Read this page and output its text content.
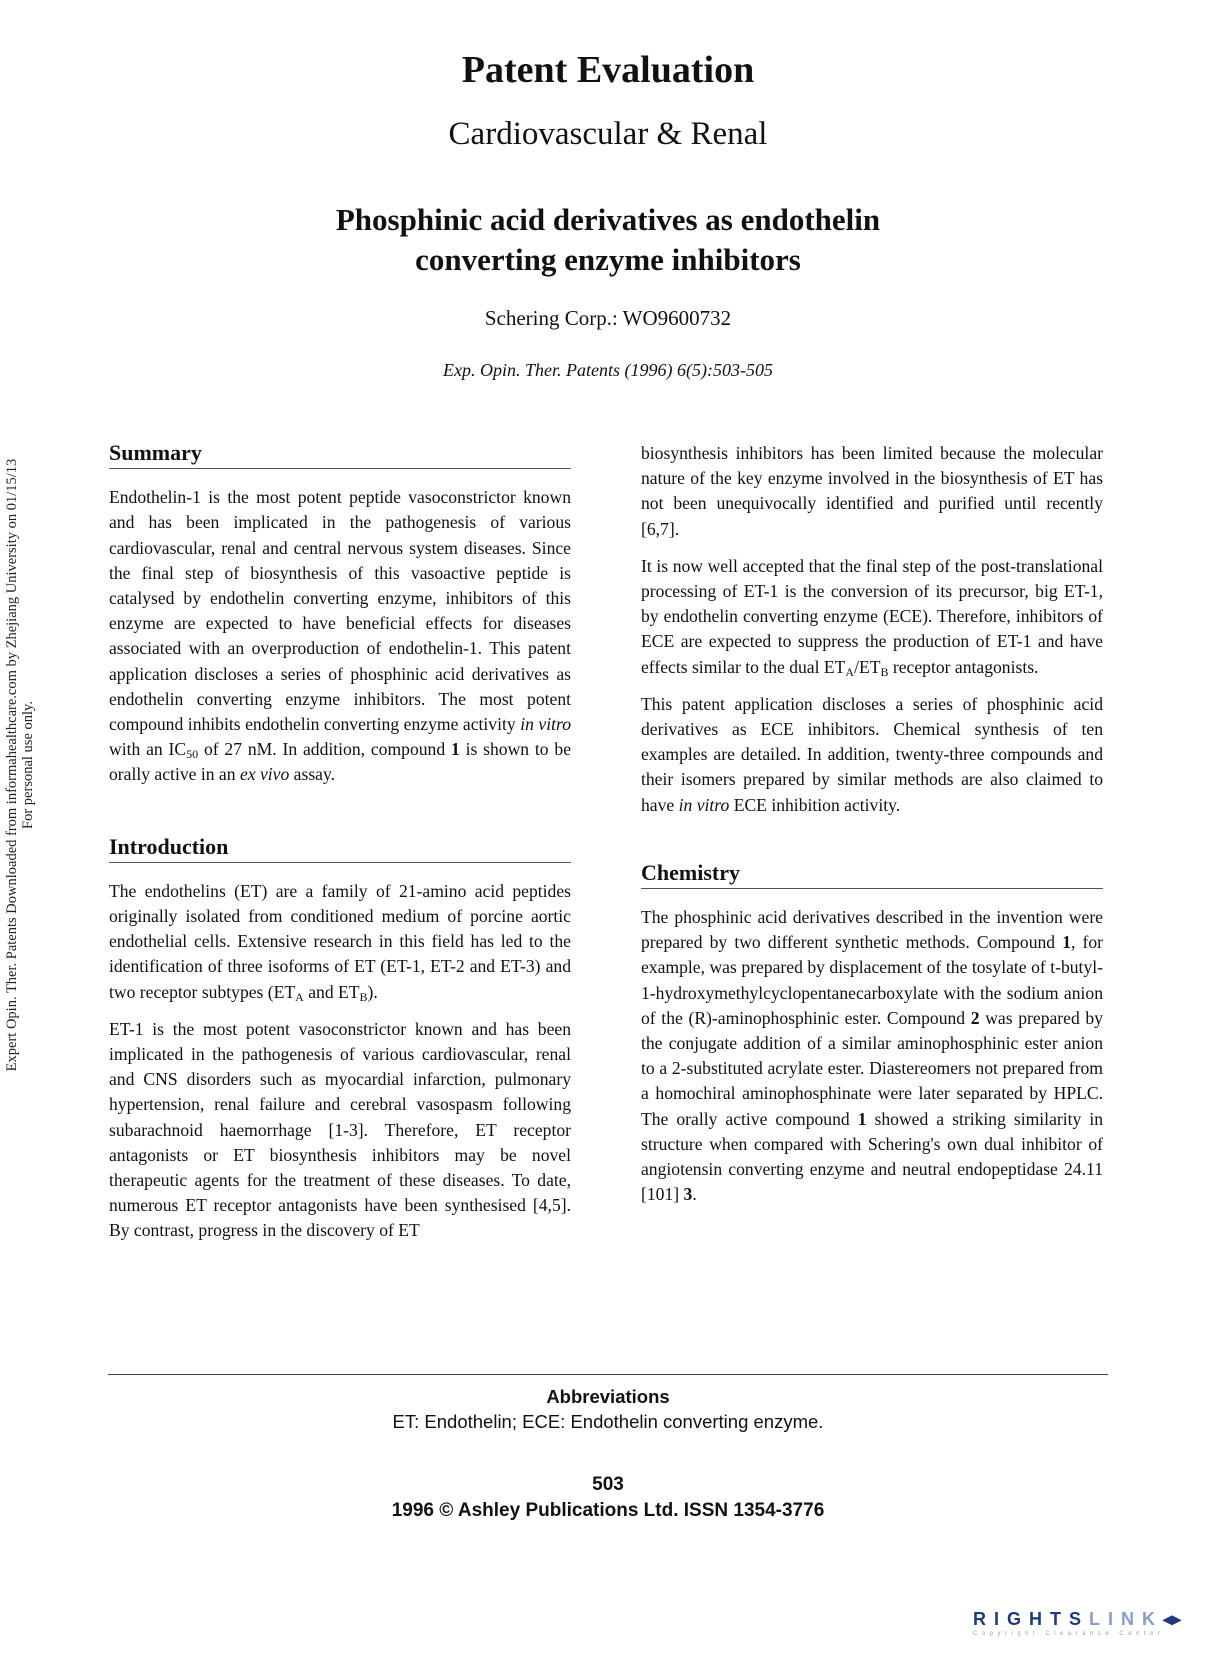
Patent Evaluation
Cardiovascular & Renal
Phosphinic acid derivatives as endothelin
converting enzyme inhibitors
Schering Corp.: WO9600732
Exp. Opin. Ther. Patents (1996) 6(5):503-505
Expert Opin. Ther. Patents Downloaded from informahealthcare.com by Zhejiang University on 01/15/13 For personal use only.
Summary

Endothelin-1 is the most potent peptide vasoconstrictor known and has been implicated in the pathogenesis of various cardiovascular, renal and central nervous system diseases. Since the final step of biosynthesis of this vasoactive peptide is catalysed by endothelin converting enzyme, inhibitors of this enzyme are expected to have beneficial effects for diseases associated with an overproduction of endothelin-1. This patent application discloses a series of phosphinic acid derivatives as endothelin converting enzyme inhibitors. The most potent compound inhibits endothelin converting enzyme activity in vitro with an $IC_{50}$ of 27 nM. In addition, compound 1 is shown to be orally active in an ex vivo assay.

Introduction

The endothelins (ET) are a family of 21-amino acid peptides originally isolated from conditioned medium of porcine aortic endothelial cells. Extensive research in this field has led to the identification of three isoforms of ET (ET-1, ET-2 and ET-3) and two receptor subtypes ($ET_A$ and $ET_B$).

ET-1 is the most potent vasoconstrictor known and has been implicated in the pathogenesis of various cardiovascular, renal and CNS disorders such as myocardial infarction, pulmonary hypertension, renal failure and cerebral vasospasm following subarachnoid haemorrhage [1-3]. Therefore, ET receptor antagonists or ET biosynthesis inhibitors may be novel therapeutic agents for the treatment of these diseases. To date, numerous ET receptor antagonists have been synthesised [4,5]. By contrast, progress in the discovery of ET

biosynthesis inhibitors has been limited because the molecular nature of the key enzyme involved in the biosynthesis of ET has not been unequivocally identified and purified until recently [6,7].

It is now well accepted that the final step of the post-translational processing of ET-1 is the conversion of its precursor, big ET-1, by endothelin converting enzyme (ECE). Therefore, inhibitors of ECE are expected to suppress the production of ET-1 and have effects similar to the dual $ET_A/ET_B$ receptor antagonists.

This patent application discloses a series of phosphinic acid derivatives as ECE inhibitors. Chemical synthesis of ten examples are detailed. In addition, twenty-three compounds and their isomers prepared by similar methods are also claimed to have in vitro ECE inhibition activity.

Chemistry

The phosphinic acid derivatives described in the invention were prepared by two different synthetic methods. Compound 1, for example, was prepared by displacement of the tosylate of t-butyl-1-hydroxymethylcyclopentanecarboxylate with the sodium anion of the (R)-aminophosphinic ester. Compound 2 was prepared by the conjugate addition of a similar aminophosphinic ester anion to a 2-substituted acrylate ester. Diastereomers not prepared from a homochiral aminophosphinate were later separated by HPLC. The orally active compound 1 showed a striking similarity in structure when compared with Schering's own dual inhibitor of angiotensin converting enzyme and neutral endopeptidase 24.11 [101] 3.

Abbreviations
ET: Endothelin; ECE: Endothelin converting enzyme.
503
1996 © Ashley Publications Ltd. ISSN 1354-3776
RIGHTSLINK◂▸
Copyright Clearance Center
